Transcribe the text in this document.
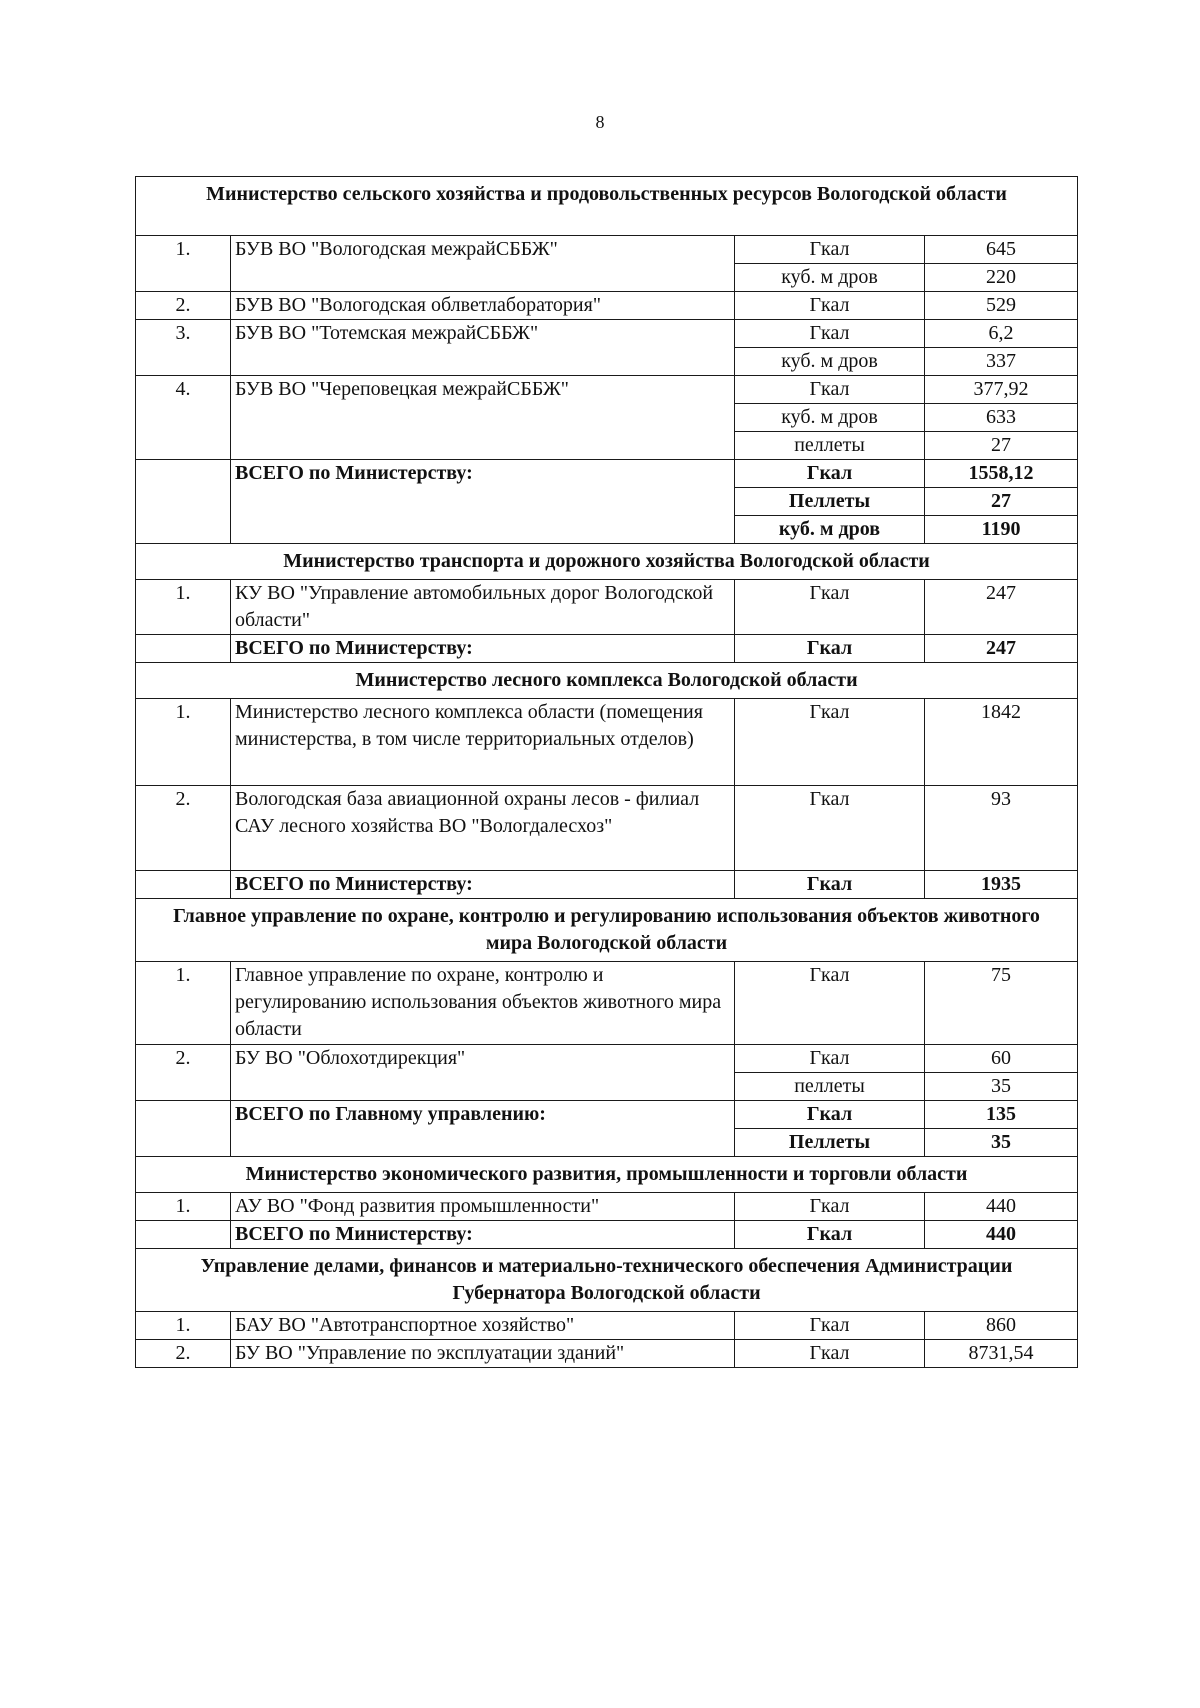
8
Министерство сельского хозяйства и продовольственных ресурсов Вологодской области			
1.	БУВ ВО "Вологодская межрайСББЖ"	Гкал	645
		куб. м дров	220
2.	БУВ ВО "Вологодская облветлаборатория"	Гкал	529
3.	БУВ ВО "Тотемская межрайСББЖ"	Гкал	6,2
		куб. м дров	337
4.	БУВ ВО "Череповецкая межрайСББЖ"	Гкал	377,92
		куб. м дров	633
		пеллеты	27
	ВСЕГО по Министерству:	Гкал	1558,12
		Пеллеты	27
		куб. м дров	1190
Министерство транспорта и дорожного хозяйства Вологодской области			
1.	КУ ВО "Управление автомобильных дорог Вологодской области"	Гкал	247
	ВСЕГО по Министерству:	Гкал	247
Министерство лесного комплекса Вологодской области			
1.	Министерство лесного комплекса области (помещения министерства, в том числе территориальных отделов)	Гкал	1842
2.	Вологодская база авиационной охраны лесов - филиал САУ лесного хозяйства ВО "Вологдалесхоз"	Гкал	93
	ВСЕГО по Министерству:	Гкал	1935
Главное управление по охране, контролю и регулированию использования объектов животного мира Вологодской области			
1.	Главное управление по охране, контролю и регулированию использования объектов животного мира области	Гкал	75
2.	БУ ВО "Облохотдирекция"	Гкал	60
		пеллеты	35
	ВСЕГО по Главному управлению:	Гкал	135
		Пеллеты	35
Министерство экономического развития, промышленности и торговли области			
1.	АУ ВО "Фонд развития промышленности"	Гкал	440
	ВСЕГО по Министерству:	Гкал	440
Управление делами, финансов и материально-технического обеспечения Администрации Губернатора Вологодской области			
1.	БАУ ВО "Автотранспортное хозяйство"	Гкал	860
2.	БУ ВО "Управление по эксплуатации зданий"	Гкал	8731,54
